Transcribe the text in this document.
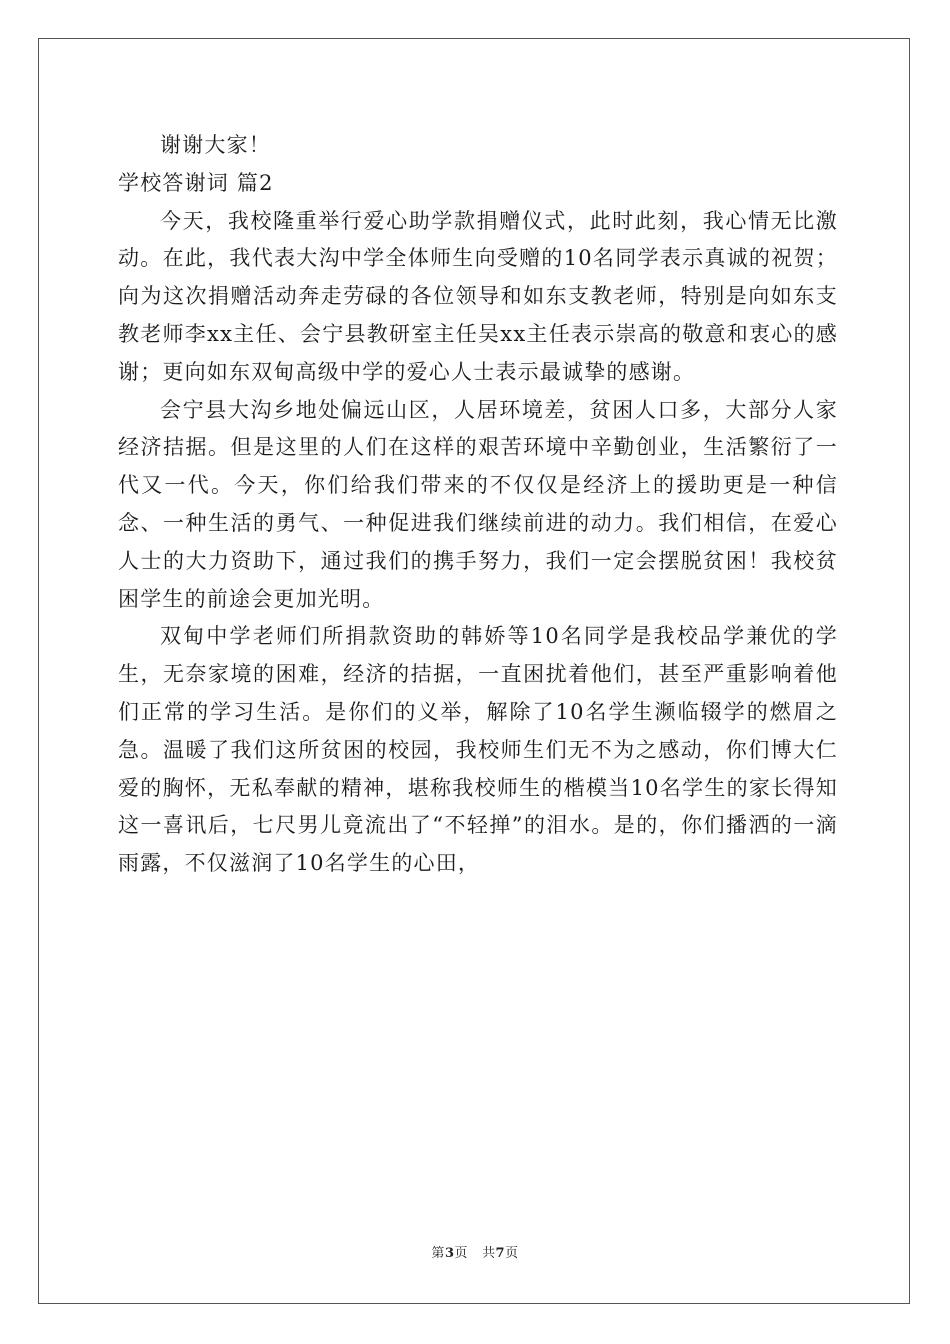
谢谢大家！

学校答谢词 篇2

今天，我校隆重举行爱心助学款捐赠仪式，此时此刻，我心情无比激动。在此，我代表大沟中学全体师生向受赠的10名同学表示真诚的祝贺；向为这次捐赠活动奔走劳碌的各位领导和如东支教老师，特别是向如东支教老师李xx主任、会宁县教研室主任吴xx主任表示崇高的敬意和衷心的感谢；更向如东双甸高级中学的爱心人士表示最诚挚的感谢。

会宁县大沟乡地处偏远山区，人居环境差，贫困人口多，大部分人家经济拮据。但是这里的人们在这样的艰苦环境中辛勤创业，生活繁衍了一代又一代。今天，你们给我们带来的不仅仅是经济上的援助更是一种信念、一种生活的勇气、一种促进我们继续前进的动力。我们相信，在爱心人士的大力资助下，通过我们的携手努力，我们一定会摆脱贫困！我校贫困学生的前途会更加光明。

双甸中学老师们所捐款资助的韩娇等10名同学是我校品学兼优的学生，无奈家境的困难，经济的拮据，一直困扰着他们，甚至严重影响着他们正常的学习生活。是你们的义举，解除了10名学生濒临辍学的燃眉之急。温暖了我们这所贫困的校园，我校师生们无不为之感动，你们博大仁爱的胸怀，无私奉献的精神，堪称我校师生的楷模当10名学生的家长得知这一喜讯后，七尺男儿竟流出了“不轻掸”的泪水。是的，你们播洒的一滴雨露，不仅滋润了10名学生的心田，

第3页 共7页
